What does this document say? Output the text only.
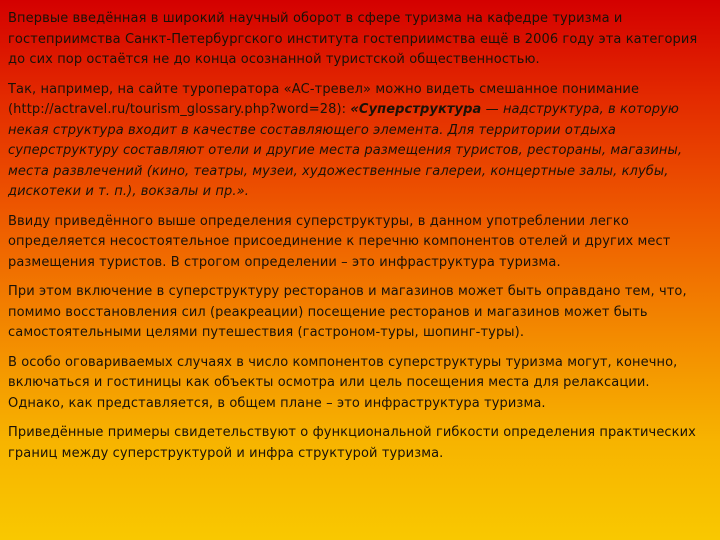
Впервые введённая в широкий научный оборот в сфере туризма на кафедре туризма и гостеприимства Санкт-Петербургского института гостеприимства ещё в 2006 году эта категория до сих пор остаётся не до конца осознанной туристской общественностью.

Так, например, на сайте туроператора «АС-тревел» можно видеть смешанное понимание (http://actravel.ru/tourism_glossary.php?word=28): «Суперструктура — надструктура, в которую некая структура входит в качестве составляющего элемента. Для территории отдыха суперструктуру составляют отели и другие места размещения туристов, рестораны, магазины, места развлечений (кино, театры, музеи, художественные галереи, концертные залы, клубы, дискотеки и т. п.), вокзалы и пр.».

Ввиду приведённого выше определения суперструктуры, в данном употреблении легко определяется несостоятельное присоединение к перечню компонентов отелей и других мест размещения туристов. В строгом определении – это инфраструктура туризма.

При этом включение в суперструктуру ресторанов и магазинов может быть оправдано тем, что, помимо восстановления сил (реакреации) посещение ресторанов и магазинов может быть самостоятельными целями путешествия (гастроном-туры, шопинг-туры).

В особо оговариваемых случаях в число компонентов суперструктуры туризма могут, конечно, включаться и гостиницы как объекты осмотра или цель посещения места для релаксации. Однако, как представляется, в общем плане – это инфраструктура туризма.

Приведённые примеры свидетельствуют о функциональной гибкости определения практических границ между суперструктурой и инфра структурой туризма.
